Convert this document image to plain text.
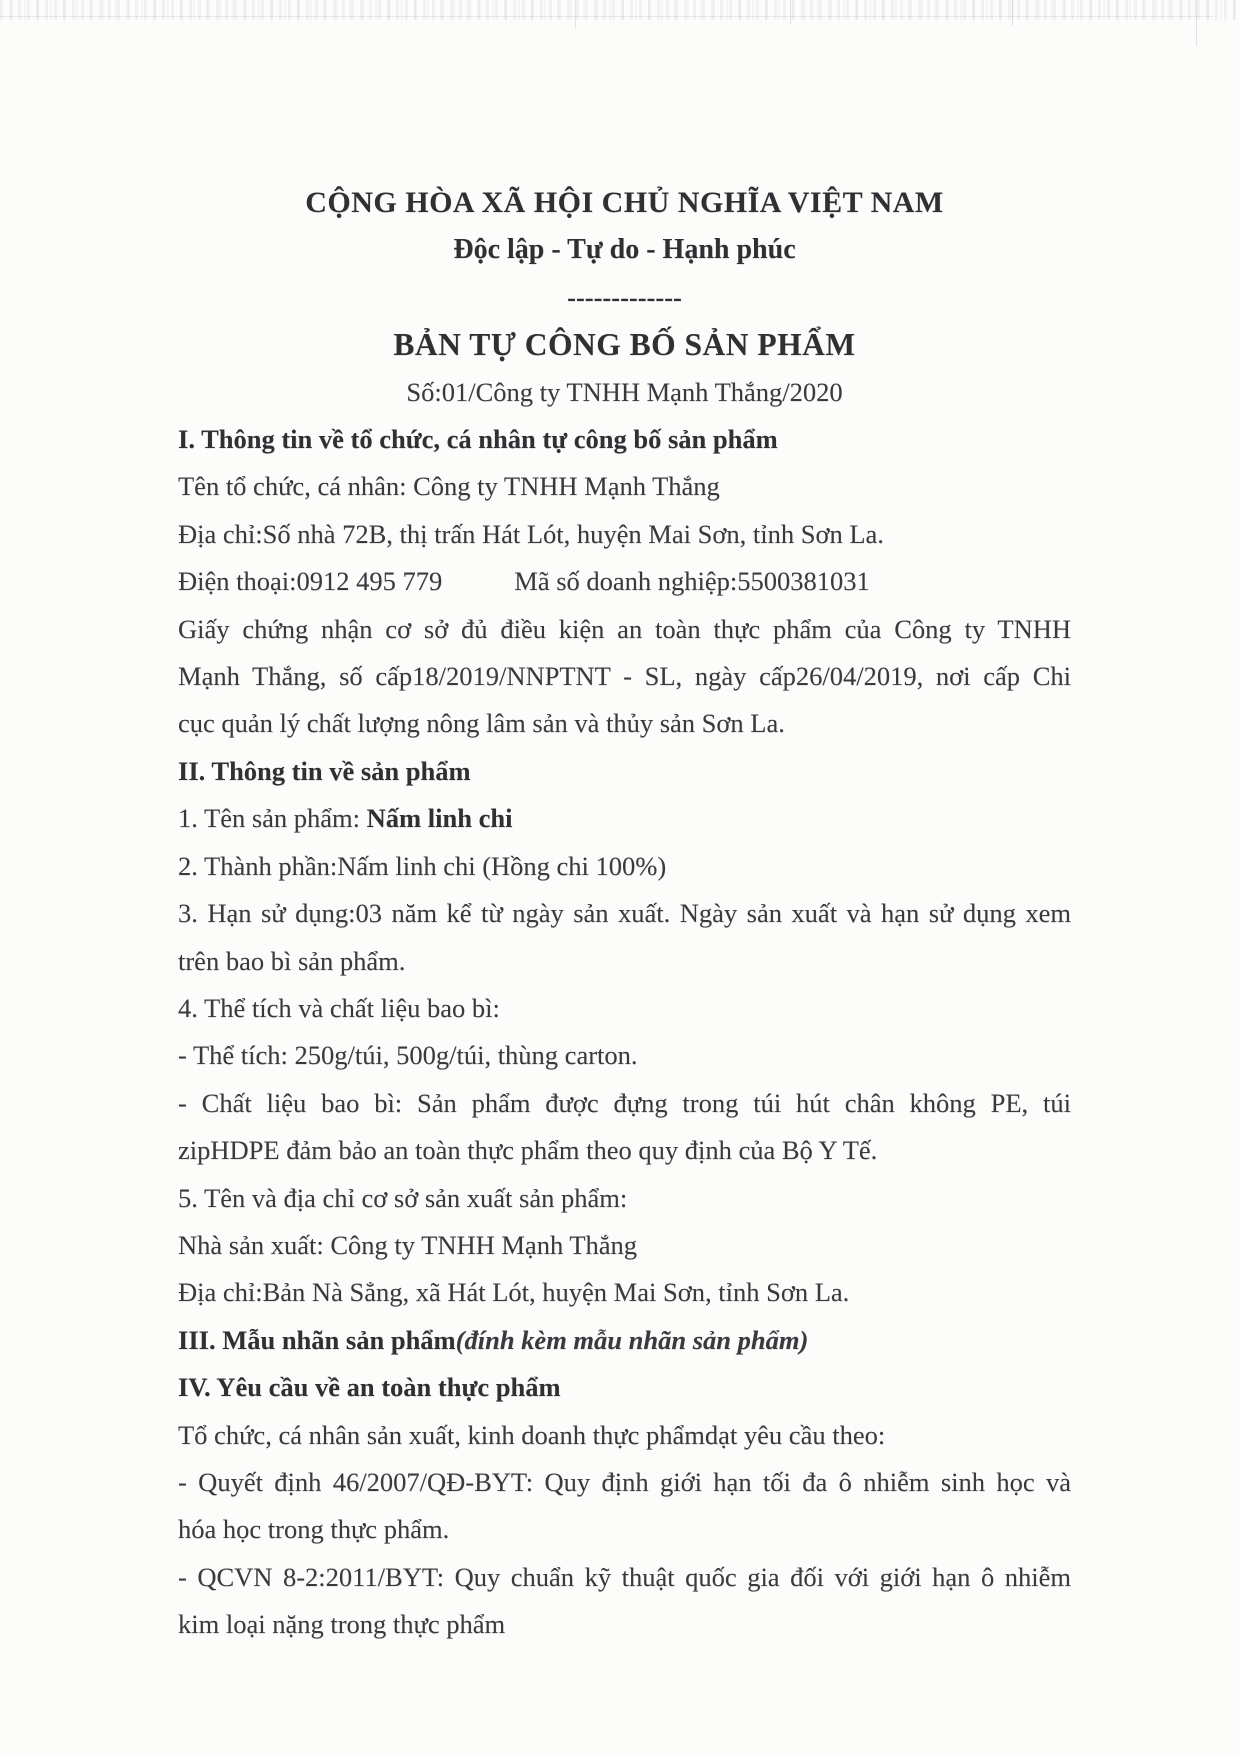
CỘNG HÒA XÃ HỘI CHỦ NGHĨA VIỆT NAM

Độc lập - Tự do - Hạnh phúc

-------------

BẢN TỰ CÔNG BỐ SẢN PHẨM

Số:01/Công ty TNHH Mạnh Thắng/2020

I. Thông tin về tổ chức, cá nhân tự công bố sản phẩm

Tên tổ chức, cá nhân: Công ty TNHH Mạnh Thắng

Địa chỉ:Số nhà 72B, thị trấn Hát Lót, huyện Mai Sơn, tỉnh Sơn La.

Điện thoại:0912 495 779	Mã số doanh nghiệp:5500381031

Giấy chứng nhận cơ sở đủ điều kiện an toàn thực phẩm của Công ty TNHH

Mạnh Thắng, số cấp18/2019/NNPTNT - SL, ngày cấp26/04/2019, nơi cấp Chi

cục quản lý chất lượng nông lâm sản và thủy sản Sơn La.

II. Thông tin về sản phẩm

1. Tên sản phẩm: Nấm linh chi

2. Thành phần:Nấm linh chi (Hồng chi 100%)

3. Hạn sử dụng:03 năm kể từ ngày sản xuất. Ngày sản xuất và hạn sử dụng xem

trên bao bì sản phẩm.

4. Thể tích và chất liệu bao bì:

- Thể tích: 250g/túi, 500g/túi, thùng carton.

- Chất liệu bao bì: Sản phẩm được đựng trong túi hút chân không PE, túi

zipHDPE đảm bảo an toàn thực phẩm theo quy định của Bộ Y Tế.

5. Tên và địa chỉ cơ sở sản xuất sản phẩm:

Nhà sản xuất: Công ty TNHH Mạnh Thắng

Địa chỉ:Bản Nà Sẳng, xã Hát Lót, huyện Mai Sơn, tỉnh Sơn La.

III. Mẫu nhãn sản phẩm(đính kèm mẫu nhãn sản phẩm)

IV. Yêu cầu về an toàn thực phẩm

Tổ chức, cá nhân sản xuất, kinh doanh thực phẩmdạt yêu cầu theo:

- Quyết định 46/2007/QĐ-BYT: Quy định giới hạn tối đa ô nhiễm sinh học và

hóa học trong thực phẩm.

- QCVN 8-2:2011/BYT: Quy chuẩn kỹ thuật quốc gia đối với giới hạn ô nhiễm

kim loại nặng trong thực phẩm
